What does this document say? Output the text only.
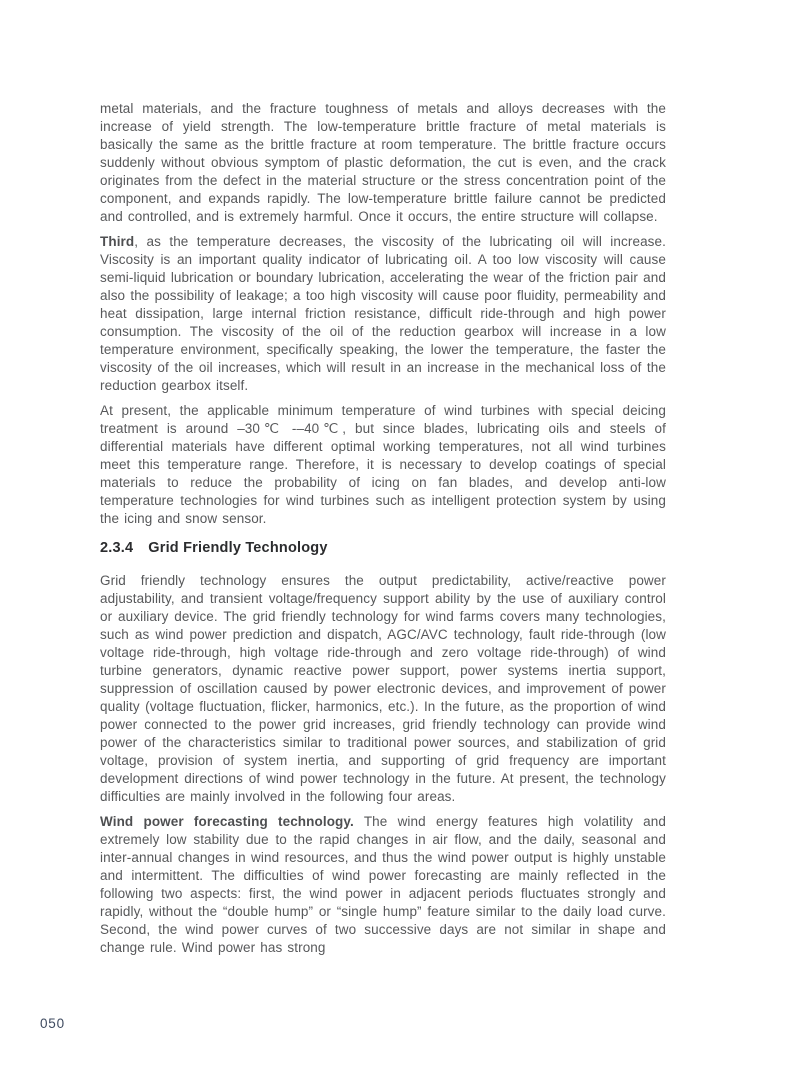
metal materials, and the fracture toughness of metals and alloys decreases with the increase of yield strength. The low-temperature brittle fracture of metal materials is basically the same as the brittle fracture at room temperature. The brittle fracture occurs suddenly without obvious symptom of plastic deformation, the cut is even, and the crack originates from the defect in the material structure or the stress concentration point of the component, and expands rapidly. The low-temperature brittle failure cannot be predicted and controlled, and is extremely harmful. Once it occurs, the entire structure will collapse.

Third, as the temperature decreases, the viscosity of the lubricating oil will increase. Viscosity is an important quality indicator of lubricating oil. A too low viscosity will cause semi-liquid lubrication or boundary lubrication, accelerating the wear of the friction pair and also the possibility of leakage; a too high viscosity will cause poor fluidity, permeability and heat dissipation, large internal friction resistance, difficult ride-through and high power consumption. The viscosity of the oil of the reduction gearbox will increase in a low temperature environment, specifically speaking, the lower the temperature, the faster the viscosity of the oil increases, which will result in an increase in the mechanical loss of the reduction gearbox itself.

At present, the applicable minimum temperature of wind turbines with special deicing treatment is around –30℃ -–40℃, but since blades, lubricating oils and steels of differential materials have different optimal working temperatures, not all wind turbines meet this temperature range. Therefore, it is necessary to develop coatings of special materials to reduce the probability of icing on fan blades, and develop anti-low temperature technologies for wind turbines such as intelligent protection system by using the icing and snow sensor.

2.3.4 Grid Friendly Technology

Grid friendly technology ensures the output predictability, active/reactive power adjustability, and transient voltage/frequency support ability by the use of auxiliary control or auxiliary device. The grid friendly technology for wind farms covers many technologies, such as wind power prediction and dispatch, AGC/AVC technology, fault ride-through (low voltage ride-through, high voltage ride-through and zero voltage ride-through) of wind turbine generators, dynamic reactive power support, power systems inertia support, suppression of oscillation caused by power electronic devices, and improvement of power quality (voltage fluctuation, flicker, harmonics, etc.). In the future, as the proportion of wind power connected to the power grid increases, grid friendly technology can provide wind power of the characteristics similar to traditional power sources, and stabilization of grid voltage, provision of system inertia, and supporting of grid frequency are important development directions of wind power technology in the future. At present, the technology difficulties are mainly involved in the following four areas.

Wind power forecasting technology. The wind energy features high volatility and extremely low stability due to the rapid changes in air flow, and the daily, seasonal and inter-annual changes in wind resources, and thus the wind power output is highly unstable and intermittent. The difficulties of wind power forecasting are mainly reflected in the following two aspects: first, the wind power in adjacent periods fluctuates strongly and rapidly, without the “double hump” or “single hump” feature similar to the daily load curve. Second, the wind power curves of two successive days are not similar in shape and change rule. Wind power has strong

050
